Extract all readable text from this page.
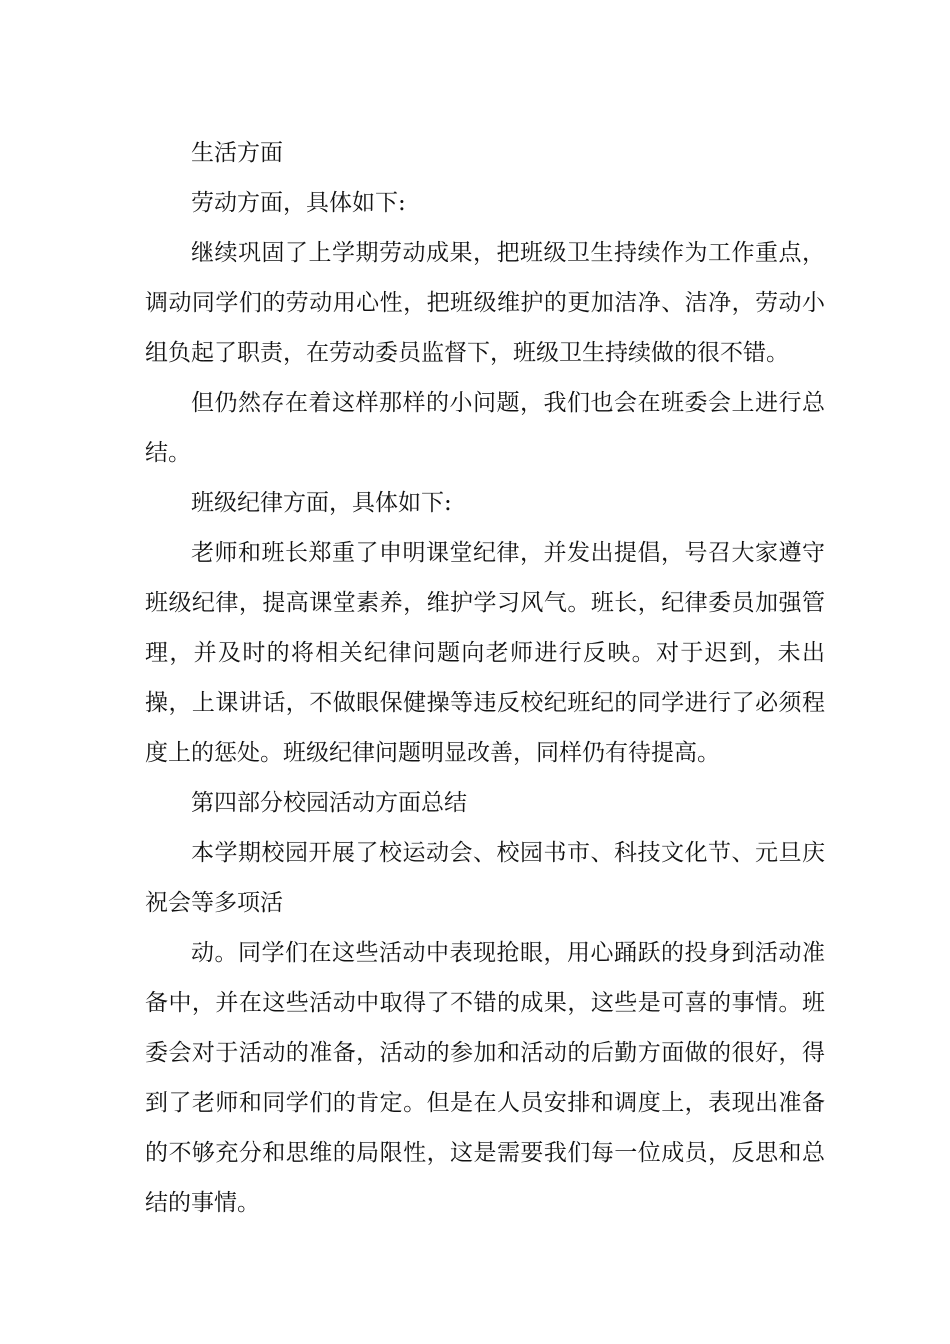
生活方面

劳动方面，具体如下:

继续巩固了上学期劳动成果，把班级卫生持续作为工作重点，调动同学们的劳动用心性，把班级维护的更加洁净、洁净，劳动小组负起了职责，在劳动委员监督下，班级卫生持续做的很不错。

但仍然存在着这样那样的小问题，我们也会在班委会上进行总结。

班级纪律方面，具体如下:

老师和班长郑重了申明课堂纪律，并发出提倡，号召大家遵守班级纪律，提高课堂素养，维护学习风气。班长，纪律委员加强管理，并及时的将相关纪律问题向老师进行反映。对于迟到，未出操，上课讲话，不做眼保健操等违反校纪班纪的同学进行了必须程度上的惩处。班级纪律问题明显改善，同样仍有待提高。

第四部分校园活动方面总结

本学期校园开展了校运动会、校园书市、科技文化节、元旦庆祝会等多项活

动。同学们在这些活动中表现抢眼，用心踊跃的投身到活动准备中，并在这些活动中取得了不错的成果，这些是可喜的事情。班委会对于活动的准备，活动的参加和活动的后勤方面做的很好，得到了老师和同学们的肯定。但是在人员安排和调度上，表现出准备的不够充分和思维的局限性，这是需要我们每一位成员，反思和总结的事情。
